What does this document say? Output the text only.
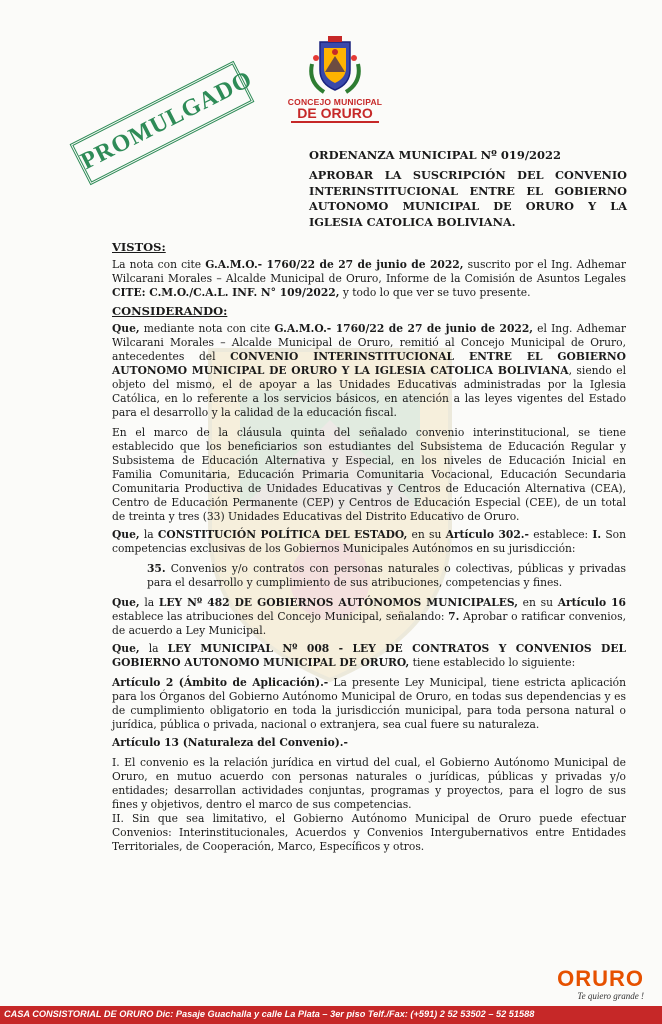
CONCEJO MUNICIPAL
DE ORURO
PROMULGADO	ORDENANZA MUNICIPAL Nº 019/2022
APROBAR LA SUSCRIPCIÓN DEL CONVENIO INTERINSTITUCIONAL ENTRE EL GOBIERNO AUTONOMO MUNICIPAL DE ORURO Y LA IGLESIA CATOLICA BOLIVIANA.
VISTOS:

La nota con cite G.A.M.O.- 1760/22 de 27 de junio de 2022, suscrito por el Ing. Adhemar Wilcarani Morales – Alcalde Municipal de Oruro, Informe de la Comisión de Asuntos Legales CITE: C.M.O./C.A.L. INF. N° 109/2022, y todo lo que ver se tuvo presente.

CONSIDERANDO:

Que, mediante nota con cite G.A.M.O.- 1760/22 de 27 de junio de 2022, el Ing. Adhemar Wilcarani Morales – Alcalde Municipal de Oruro, remitió al Concejo Municipal de Oruro, antecedentes del CONVENIO INTERINSTITUCIONAL ENTRE EL GOBIERNO AUTONOMO MUNICIPAL DE ORURO Y LA IGLESIA CATOLICA BOLIVIANA, siendo el objeto del mismo, el de apoyar a las Unidades Educativas administradas por la Iglesia Católica, en lo referente a los servicios básicos, en atención a las leyes vigentes del Estado para el desarrollo y la calidad de la educación fiscal.

En el marco de la cláusula quinta del señalado convenio interinstitucional, se tiene establecido que los beneficiarios son estudiantes del Subsistema de Educación Regular y Subsistema de Educación Alternativa y Especial, en los niveles de Educación Inicial en Familia Comunitaria, Educación Primaria Comunitaria Vocacional, Educación Secundaria Comunitaria Productiva de Unidades Educativas y Centros de Educación Alternativa (CEA), Centro de Educación Permanente (CEP) y Centros de Educación Especial (CEE), de un total de treinta y tres (33) Unidades Educativas del Distrito Educativo de Oruro.

Que, la CONSTITUCIÓN POLÍTICA DEL ESTADO, en su Artículo 302.- establece: I. Son competencias exclusivas de los Gobiernos Municipales Autónomos en su jurisdicción:

35. Convenios y/o contratos con personas naturales o colectivas, públicas y privadas para el desarrollo y cumplimiento de sus atribuciones, competencias y fines.

Que, la LEY Nº 482 DE GOBIERNOS AUTÓNOMOS MUNICIPALES, en su Artículo 16 establece las atribuciones del Concejo Municipal, señalando: 7. Aprobar o ratificar convenios, de acuerdo a Ley Municipal.

Que, la LEY MUNICIPAL Nº 008 - LEY DE CONTRATOS Y CONVENIOS DEL GOBIERNO AUTONOMO MUNICIPAL DE ORURO, tiene establecido lo siguiente:

Artículo 2 (Ámbito de Aplicación).- La presente Ley Municipal, tiene estricta aplicación para los Órganos del Gobierno Autónomo Municipal de Oruro, en todas sus dependencias y es de cumplimiento obligatorio en toda la jurisdicción municipal, para toda persona natural o jurídica, pública o privada, nacional o extranjera, sea cual fuere su naturaleza.

Artículo 13 (Naturaleza del Convenio).-

I. El convenio es la relación jurídica en virtud del cual, el Gobierno Autónomo Municipal de Oruro, en mutuo acuerdo con personas naturales o jurídicas, públicas y privadas y/o entidades; desarrollan actividades conjuntas, programas y proyectos, para el logro de sus fines y objetivos, dentro el marco de sus competencias.

II. Sin que sea limitativo, el Gobierno Autónomo Municipal de Oruro puede efectuar Convenios: Interinstitucionales, Acuerdos y Convenios Intergubernativos entre Entidades Territoriales, de Cooperación, Marco, Específicos y otros.

ORURO
Te quiero grande !
CASA CONSISTORIAL DE ORURO Dic: Pasaje Guachalla y calle La Plata – 3er piso Telf./Fax: (+591) 2 52 53502 – 52 51588
